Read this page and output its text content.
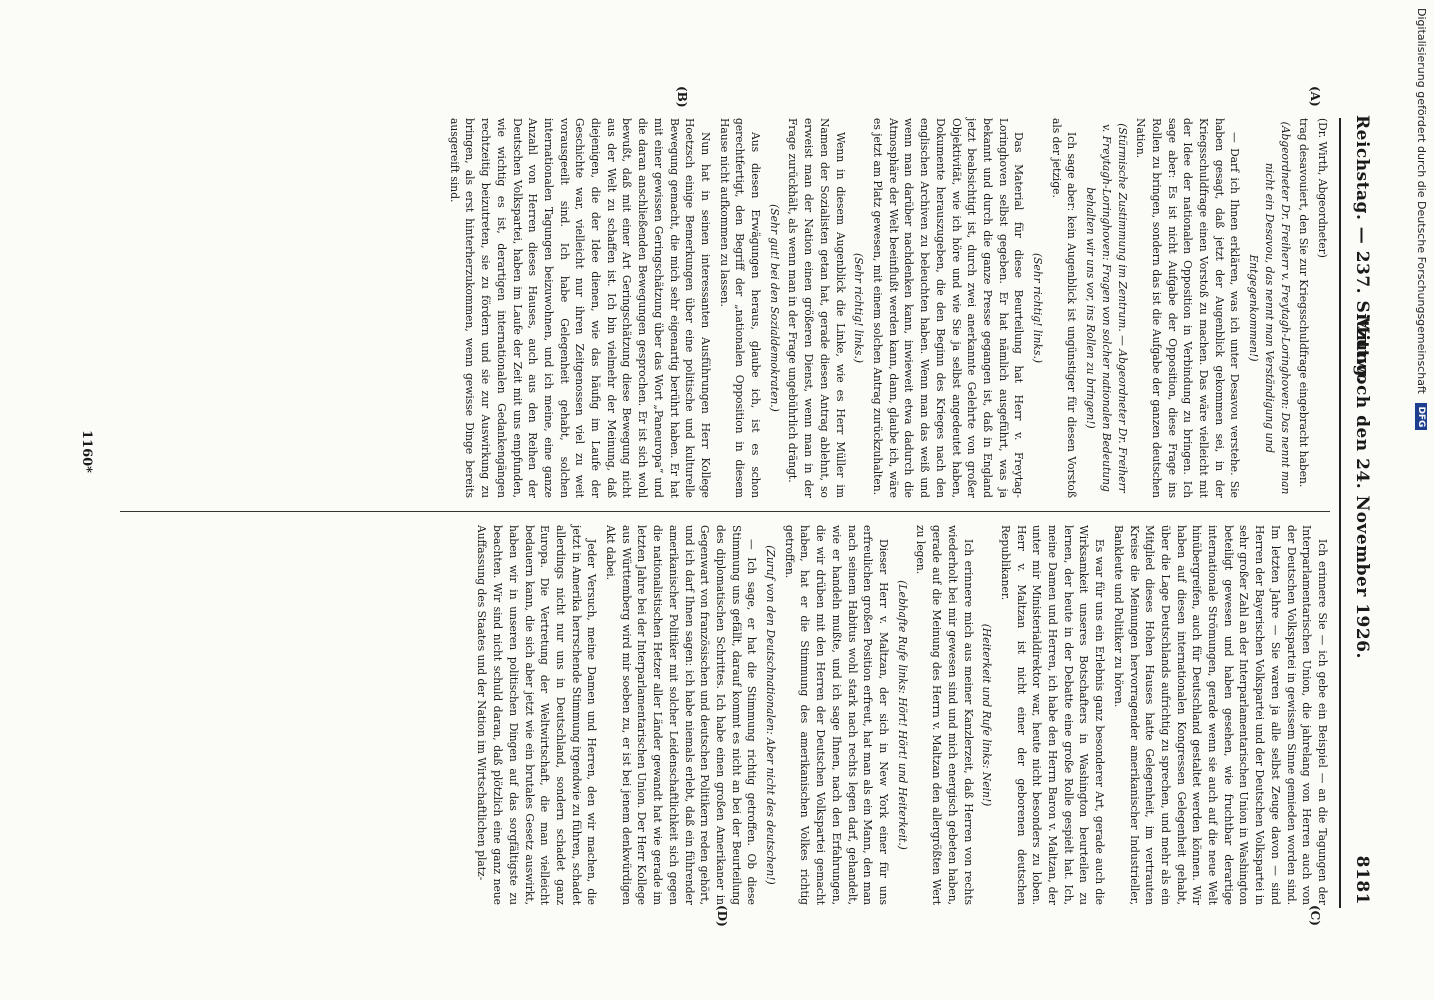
Reichstag. — 237. Sitzung.
Mittwoch den 24. November 1926.
8181
(A)
(B)
(C)
(D)

(Dr. Wirth, Abgeordneter)

trag desavouiert, den Sie zur Kriegsschuldfrage eingebracht haben.

(Abgeordneter Dr. Freiherr v. Freytagh-Loringhoven: Das nennt man nicht ein Desavou, das nennt man Verständigung und Entgegenkommen!)

— Darf ich Ihnen erklären, was ich unter Desavou verstehe. Sie haben gesagt, daß jetzt der Augenblick gekommen sei, in der Kriegsschuldfrage einen Vorstoß zu machen. Das wäre vielleicht mit der Idee der nationalen Opposition in Verbindung zu bringen. Ich sage aber: Es ist nicht Aufgabe der Opposition, diese Frage ins Rollen zu bringen, sondern das ist die Aufgabe der ganzen deutschen Nation.

(Stürmische Zustimmung im Zentrum. — Abgeordneter Dr. Freiherr v. Freytagh-Loringhoven: Fragen von solcher nationalen Bedeutung behalten wir uns vor, ins Rollen zu bringen!)

Ich sage aber: kein Augenblick ist ungünstiger für diesen Vorstoß als der jetzige.

(Sehr richtig! links.)

Das Material für diese Beurteilung hat Herr v. Freytag-Loringhoven selbst gegeben. Er hat nämlich ausgeführt, was ja bekannt und durch die ganze Presse gegangen ist, daß in England jetzt beabsichtigt ist, durch zwei anerkannte Gelehrte von großer Objektivität, wie ich höre und wie Sie ja selbst angedeutet haben, Dokumente herauszugeben, die den Beginn des Krieges nach den englischen Archiven zu beleuchten haben. Wenn man das weiß und wenn man darüber nachdenken kann, inwieweit etwa dadurch die Atmosphäre der Welt beeinflußt werden kann, dann, glaube ich, wäre es jetzt am Platz gewesen, mit einem solchen Antrag zurückzuhalten.

(Sehr richtig! links.)

Wenn in diesem Augenblick die Linke, wie es Herr Müller im Namen der Sozialisten getan hat, gerade diesen Antrag ablehnt, so erweist man der Nation einen größeren Dienst, wenn man in der Frage zurückhält, als wenn man in der Frage ungebührlich drängt.

(Sehr gut! bei den Sozialdemokraten.)

Aus diesen Erwägungen heraus, glaube ich, ist es schon gerechtfertigt, den Begriff der „nationalen Opposition in diesem Hause nicht aufkommen zu lassen.

Nun hat in seinen interessanten Ausführungen Herr Kollege Hoetzsch einige Bemerkungen über eine politische und kulturelle Bewegung gemacht, die mich sehr eigenartig berührt haben. Er hat mit einer gewissen Geringschätzung über das Wort „Paneuropa“ und die daran anschließenden Bewegungen gesprochen. Er ist sich wohl bewußt, daß mit einer Art Geringschätzung diese Bewegung nicht aus der Welt zu schaffen ist. Ich bin vielmehr der Meinung, daß diejenigen, die der Idee dienen, wie das häufig im Laufe der Geschichte war, vielleicht nur ihren Zeitgenossen viel zu weit vorausgeeilt sind. Ich habe Gelegenheit gehabt, solchen internationalen Tagungen beizuwohnen, und ich meine, eine ganze Anzahl von Herren dieses Hauses, auch aus den Reihen der Deutschen Volkspartei, haben im Laufe der Zeit mit uns empfunden, wie wichtig es ist, derartigen internationalen Gedankengängen rechtzeitig beizutreten, sie zu fördern und sie zur Auswirkung zu bringen, als erst hinterherzukommen, wenn gewisse Dinge bereits ausgereift sind.

Ich erinnere Sie — ich gebe ein Beispiel — an die Tagungen der Interparlamentarischen Union, die jahrelang von Herren auch von der Deutschen Volkspartei in gewissem Sinne gemieden worden sind. Im letzten Jahre — Sie waren ja alle selbst Zeuge davon — sind Herren der Bayerischen Volkspartei und der Deutschen Volkspartei in sehr großer Zahl an der Interparlamentarischen Union in Washington beteiligt gewesen und haben gesehen, wie fruchtbar derartige internationale Strömungen, gerade wenn sie auch auf die neue Welt hinübergreifen, auch für Deutschland gestaltet werden können. Wir haben auf diesen internationalen Kongressen Gelegenheit gehabt, über die Lage Deutschlands aufrichtig zu sprechen, und mehr als ein Mitglied dieses Hohen Hauses hatte Gelegenheit, im vertrauten Kreise die Meinungen hervorragender amerikanischer Industrieller, Bankleute und Politiker zu hören.

Es war für uns ein Erlebnis ganz besonderer Art, gerade auch die Wirksamkeit unseres Botschafters in Washington beurteilen zu lernen, der heute in der Debatte eine große Rolle gespielt hat. Ich, meine Damen und Herren, ich habe den Herrn Baron v. Maltzan, der unter mir Ministerialdirektor war, heute nicht besonders zu loben. Herr v. Maltzan ist nicht einer der geborenen deutschen Republikaner.

(Heiterkeit und Rufe links: Nein!)

Ich erinnere mich aus meiner Kanzlerzeit, daß Herren von rechts wiederholt bei mir gewesen sind und mich energisch gebeten haben, gerade auf die Meinung des Herrn v. Maltzan den allergrößten Wert zu legen.

(Lebhafte Rufe links: Hört! Hört! und Heiterkeit.)

Dieser Herr v. Maltzan, der sich in New York einer für uns erfreulichen großen Position erfreut, hat man als ein Mann, den man nach seinem Habitus wohl stark nach rechts legen darf, gehandelt, wie er handeln mußte, und ich sage Ihnen, nach den Erfahrungen, die wir drüben mit den Herren der Deutschen Volkspartei gemacht haben, hat er die Stimmung des amerikanischen Volkes richtig getroffen.

(Zuruf von den Deutschnationalen: Aber nicht des deutschen!)

— Ich sage, er hat die Stimmung richtig getroffen. Ob diese Stimmung uns gefällt, darauf kommt es nicht an bei der Beurteilung des diplomatischen Schrittes. Ich habe einen großen Amerikaner in Gegenwart von französischen und deutschen Politikern reden gehört, und ich darf Ihnen sagen: ich habe niemals erlebt, daß ein führender amerikanischer Politiker mit solcher Leidenschaftlichkeit sich gegen die nationalistischen Hetzer aller Länder gewandt hat wie gerade im letzten Jahre bei der Interparlamentarischen Union. Der Herr Kollege aus Württemberg wird mir soeben zu, er ist bei jenem denkwürdigen Akt dabei.

Jeder Versuch, meine Damen und Herren, den wir machen, die jetzt in Amerika herrschende Stimmung irgendwie zu führen, schadet allerdings nicht nur uns in Deutschland, sondern schadet ganz Europa. Die Vertretung der Weltwirtschaft, die man vielleicht bedauern kann, die sich aber jetzt wie ein brutales Gesetz auswirkt, haben wir in unseren politischen Dingen auf das sorgfältigste zu beachten. Wir sind nicht schuld daran, daß plötzlich eine ganz neue Auffassung des Staates und der Nation im Wirtschaftlichen platz-

1160*
Digitalisierung gefördert durch die Deutsche Forschungsgemeinschaft DFG
